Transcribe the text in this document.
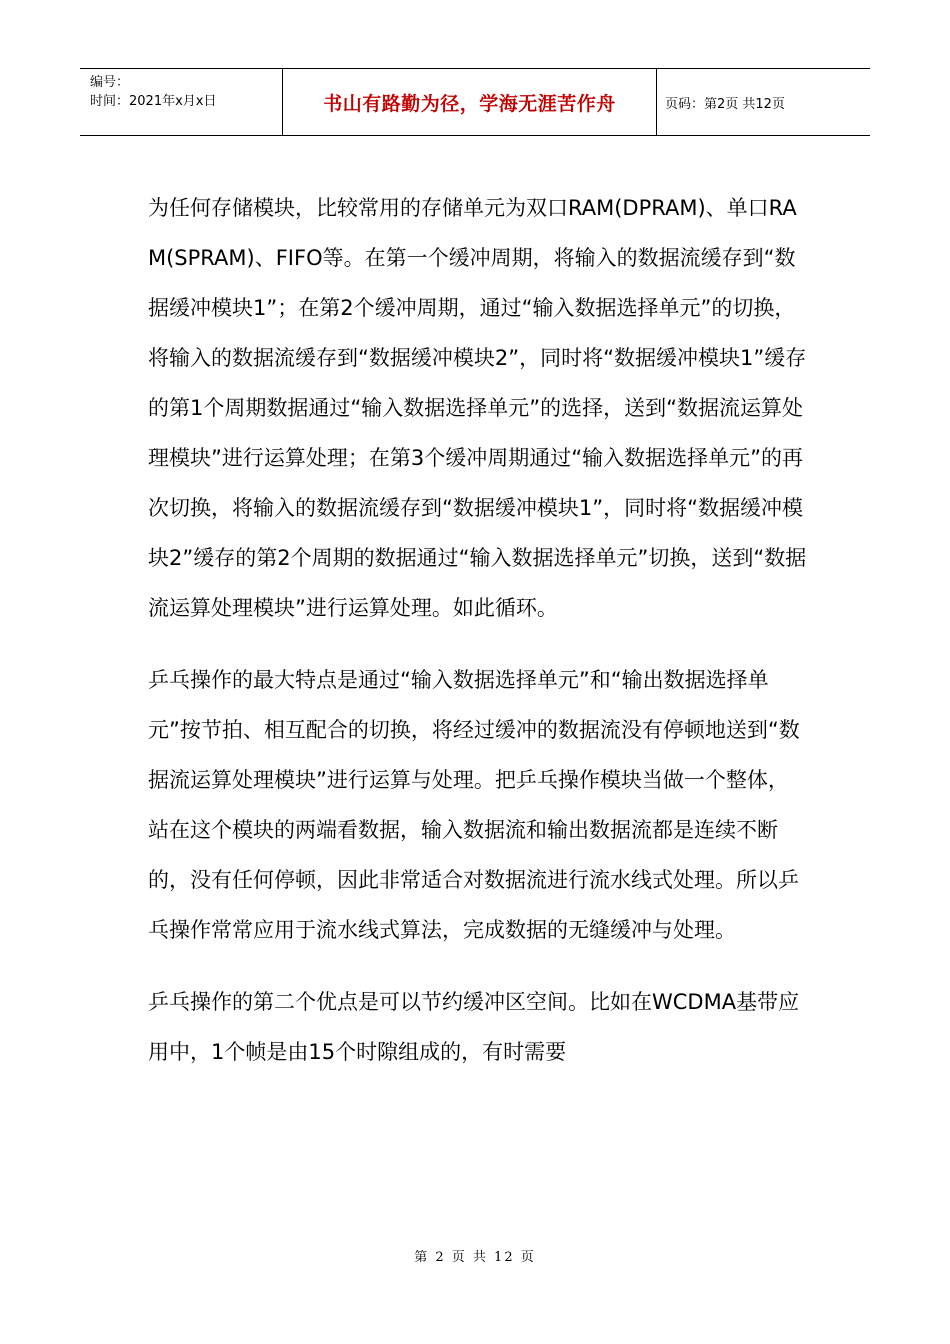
编号：
时间：2021年x月x日	书山有路勤为径，学海无涯苦作舟	页码：第2页 共12页

为任何存储模块，比较常用的存储单元为双口RAM(DPRAM)、单口RAM(SPRAM)、FIFO等。在第一个缓冲周期，将输入的数据流缓存到“数据缓冲模块1”；在第2个缓冲周期，通过“输入数据选择单元”的切换，将输入的数据流缓存到“数据缓冲模块2”，同时将“数据缓冲模块1”缓存的第1个周期数据通过“输入数据选择单元”的选择，送到“数据流运算处理模块”进行运算处理；在第3个缓冲周期通过“输入数据选择单元”的再次切换，将输入的数据流缓存到“数据缓冲模块1”，同时将“数据缓冲模块2”缓存的第2个周期的数据通过“输入数据选择单元”切换，送到“数据流运算处理模块”进行运算处理。如此循环。

乒乓操作的最大特点是通过“输入数据选择单元”和“输出数据选择单元”按节拍、相互配合的切换，将经过缓冲的数据流没有停顿地送到“数据流运算处理模块”进行运算与处理。把乒乓操作模块当做一个整体，站在这个模块的两端看数据，输入数据流和输出数据流都是连续不断的，没有任何停顿，因此非常适合对数据流进行流水线式处理。所以乒乓操作常常应用于流水线式算法，完成数据的无缝缓冲与处理。

乒乓操作的第二个优点是可以节约缓冲区空间。比如在WCDMA基带应用中，1个帧是由15个时隙组成的，有时需要

第 2 页 共 12 页
